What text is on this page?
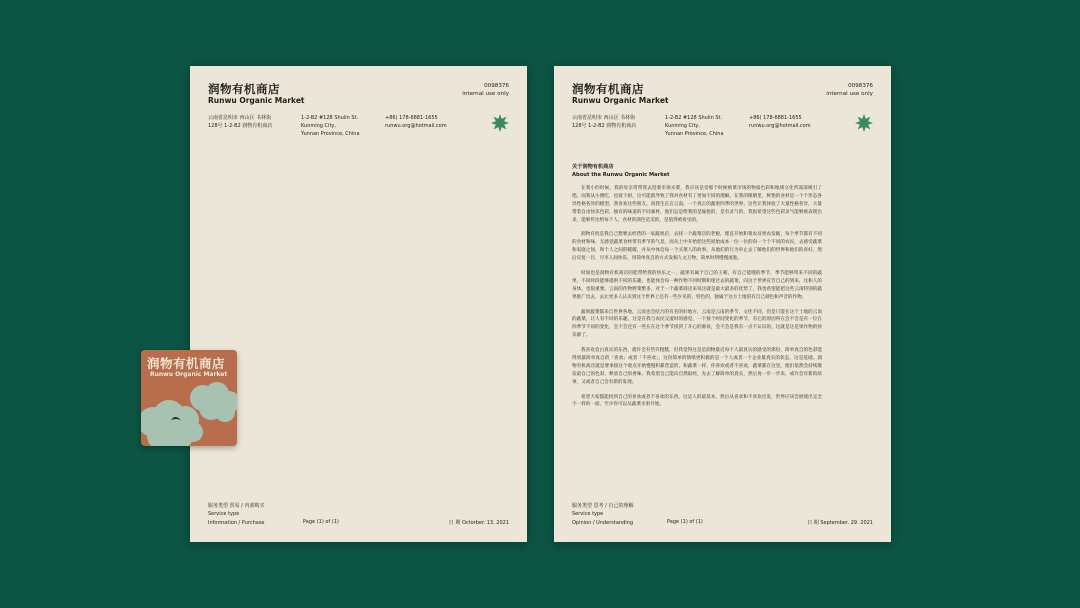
润物有机商店
Runwu Organic Market
0098376
internal use only
云南省昆明市 西山区 书林街
128号 1-2-B2 润物有机商店
1-2-B2 #128 Shulin St.
Kunming City,
Yunnan Province, China
+86) 178-6881-1655
runwu.org@hotmail.com
服务类型 贸易 / 内部购买
Service type
Information / Purchase	Page (1) of (1)	日 期 Octorber. 13. 2021
润物有机商店
Runwu Organic Market
0098376
internal use only
云南省昆明市 西山区 书林街
128号 1-2-B2 润物有机商店
1-2-B2 #128 Shulin St.
Kunming City,
Yunnan Province, China
+86) 178-6881-1655
runwu.org@hotmail.com
关于润物有机商店
About the Runwu Organic Market

在我小的时候，我的母亲常带我去逛菜市场买菜，我应该是受那个时候被菜市场的物质色彩和地域文化所深深吸引了吧。而我从小便吃，也爱下厨，这可能就导致了我对食材有了更加不同的理解。在我的眼睛里，鲜艳的食材是一个个形态各异性格各异的模型，我喜欢这些朋友。而我生长在云南，一个真正的蔬果四季的世界，这些让我体验了大量性格各异，大量带着自由快乐色彩，独有的味道的不同素材，他们总是给我的是愉悦的，是有灵气的。我很希望这些色彩灵气能够被表现出来，能够传达给每个人，食材的颜色是美的，是值得被看见的。

润物有机是我自己想要去经营的一家蔬果店，去找一个蔬菜店的老板，理直开始和菜农及果农发掘，每个季节都有不同的食材和味，无感觉蔬菜食材带有季节的气息，而从土中开始把这些原始成本一位一位的向一个个不同的农民，去感受蔬菜和家庭之间，和个人之间的暖暖，并从中体会每一个买菜人的故事，从他们的行为举止去了解他们的世界和他们的喜好，然后反复一目，尽享人间快乐，用简单真自的方式发掘人文万物，简单时刻慢慢流逝。

时间也是润物有机商店的能带给我的快乐之一，蔬果有属于自己的王朝，有自己能嗅的季节，季节能够带来不同的蔬果，不同时段能够提供不同的乐趣，也能体会每一种作物不同时期和迷过去的蔬菜，向这个世界宣告自己的到来，这和人的身体，也很重要。云南的作物野菜繁多，对于一个蔬菜商店来说这就是最大最多的优势了，我也希望能把这些云南特别的蔬果推广出去，去让更多人认识到这个世界上还有一些少见的，特色的，独属于这方土地的有自己颜色和声音的作物。

蔬果蔬菜都来自世界各地，云南也会结合的有名的好地方，云南是云南的季节，文化不同，但是只能在这个土地的云南的蔬菜，让人有不同的乐趣，这是在我与农民交流时的感觉，一个接个时间变化的季节，有它的原因所在会不会是有一位在四季节不同的变化，会不会还有一些在在这个季节找到了开心的源泉，会不会是我有一点不认识的，这就是这是果作物的快乐源了。

我喜欢直白真实的东西，就许会有些许粗糙，但我觉得这是是润物最近每个人最真实的感受的那份，简单真自的色彩能得到最简单真自的「喜欢」或者「不喜欢」，这份简单的情绪更积极的是一个人或者一个企业最真实的状态，这是基础。润物有机商店就是要承接这个观点开始慢慢积累营造的，和蔬菜一样，你喜欢或者不喜欢，蔬菜都在这里。他们依然会持续散发最自己的色彩，释放自己的香味，我希望自己能向自然取经，先去了解简单的真实，然后再一步一步来，或许会有新的故事，又或者自己会有新的发现。

希望大家都能找到自己的喜欢或者不喜欢的东西，这是人的最基本，然后从喜欢和不喜欢出发，世界应该会展现出完全不一样的一面。至少你可以从蔬菜水果开始。

服务类型 思考 / 自己的理解
Service type
Opinion / Understanding	Page (1) of (1)	日 期 September. 29. 2021
润物有机商店
Runwu Organic Market
